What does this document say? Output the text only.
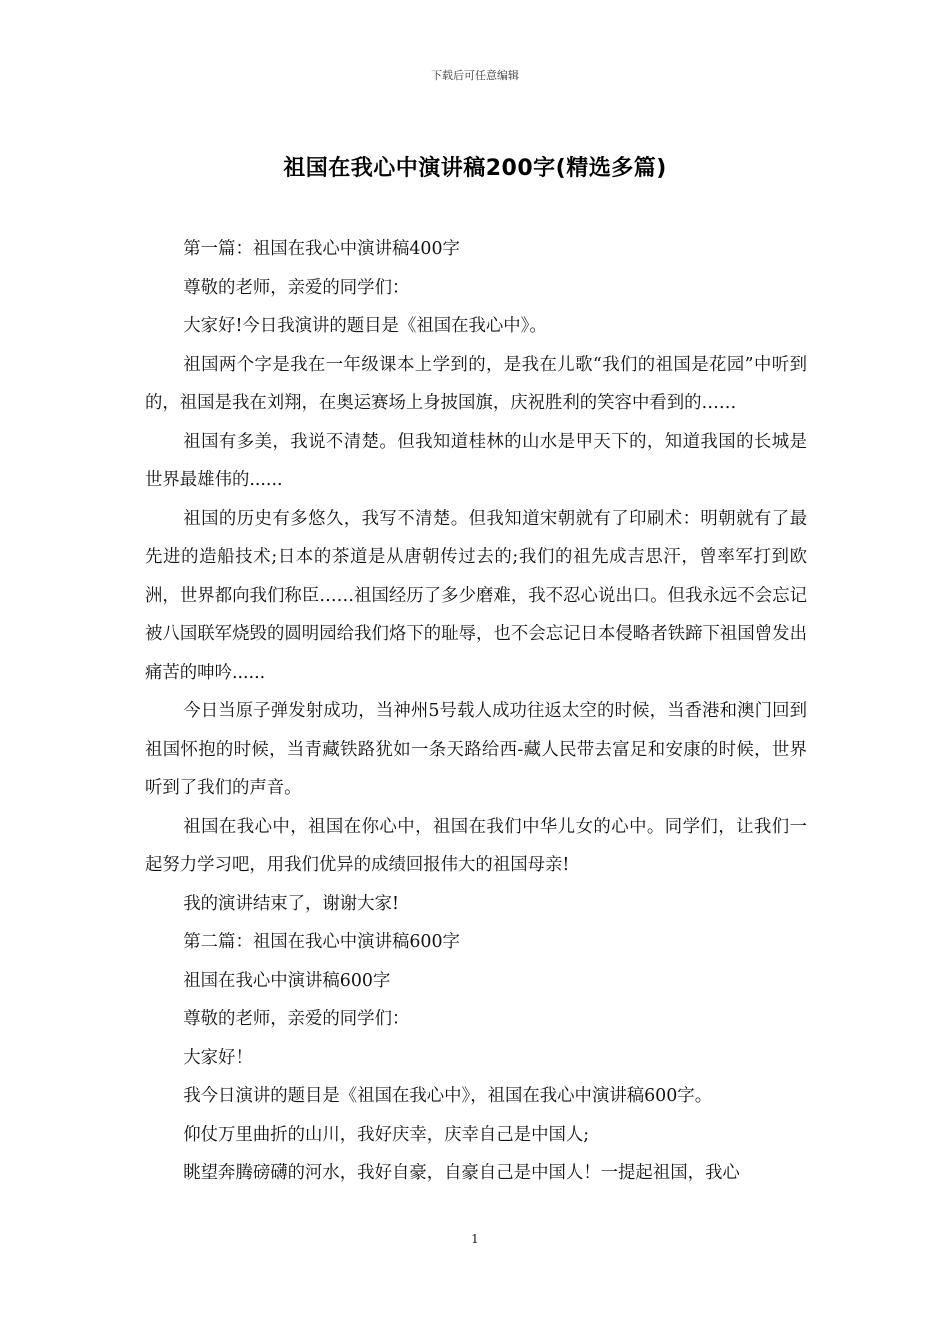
下载后可任意编辑
祖国在我心中演讲稿200字(精选多篇)

第一篇：祖国在我心中演讲稿400字

尊敬的老师，亲爱的同学们：

大家好!今日我演讲的题目是《祖国在我心中》。

祖国两个字是我在一年级课本上学到的，是我在儿歌“我们的祖国是花园”中听到的，祖国是我在刘翔，在奥运赛场上身披国旗，庆祝胜利的笑容中看到的……

祖国有多美，我说不清楚。但我知道桂林的山水是甲天下的，知道我国的长城是世界最雄伟的......

祖国的历史有多悠久，我写不清楚。但我知道宋朝就有了印刷术：明朝就有了最先进的造船技术;日本的茶道是从唐朝传过去的;我们的祖先成吉思汗，曾率军打到欧洲，世界都向我们称臣……祖国经历了多少磨难，我不忍心说出口。但我永远不会忘记被八国联军烧毁的圆明园给我们烙下的耻辱，也不会忘记日本侵略者铁蹄下祖国曾发出痛苦的呻吟......

今日当原子弹发射成功，当神州5号载人成功往返太空的时候，当香港和澳门回到祖国怀抱的时候，当青藏铁路犹如一条天路给西-藏人民带去富足和安康的时候，世界听到了我们的声音。

祖国在我心中，祖国在你心中，祖国在我们中华儿女的心中。同学们，让我们一起努力学习吧，用我们优异的成绩回报伟大的祖国母亲!

我的演讲结束了，谢谢大家!

第二篇：祖国在我心中演讲稿600字

祖国在我心中演讲稿600字

尊敬的老师，亲爱的同学们：

大家好！

我今日演讲的题目是《祖国在我心中》，祖国在我心中演讲稿600字。

仰仗万里曲折的山川，我好庆幸，庆幸自己是中国人;

眺望奔腾磅礴的河水，我好自豪，自豪自己是中国人！一提起祖国，我心

1
